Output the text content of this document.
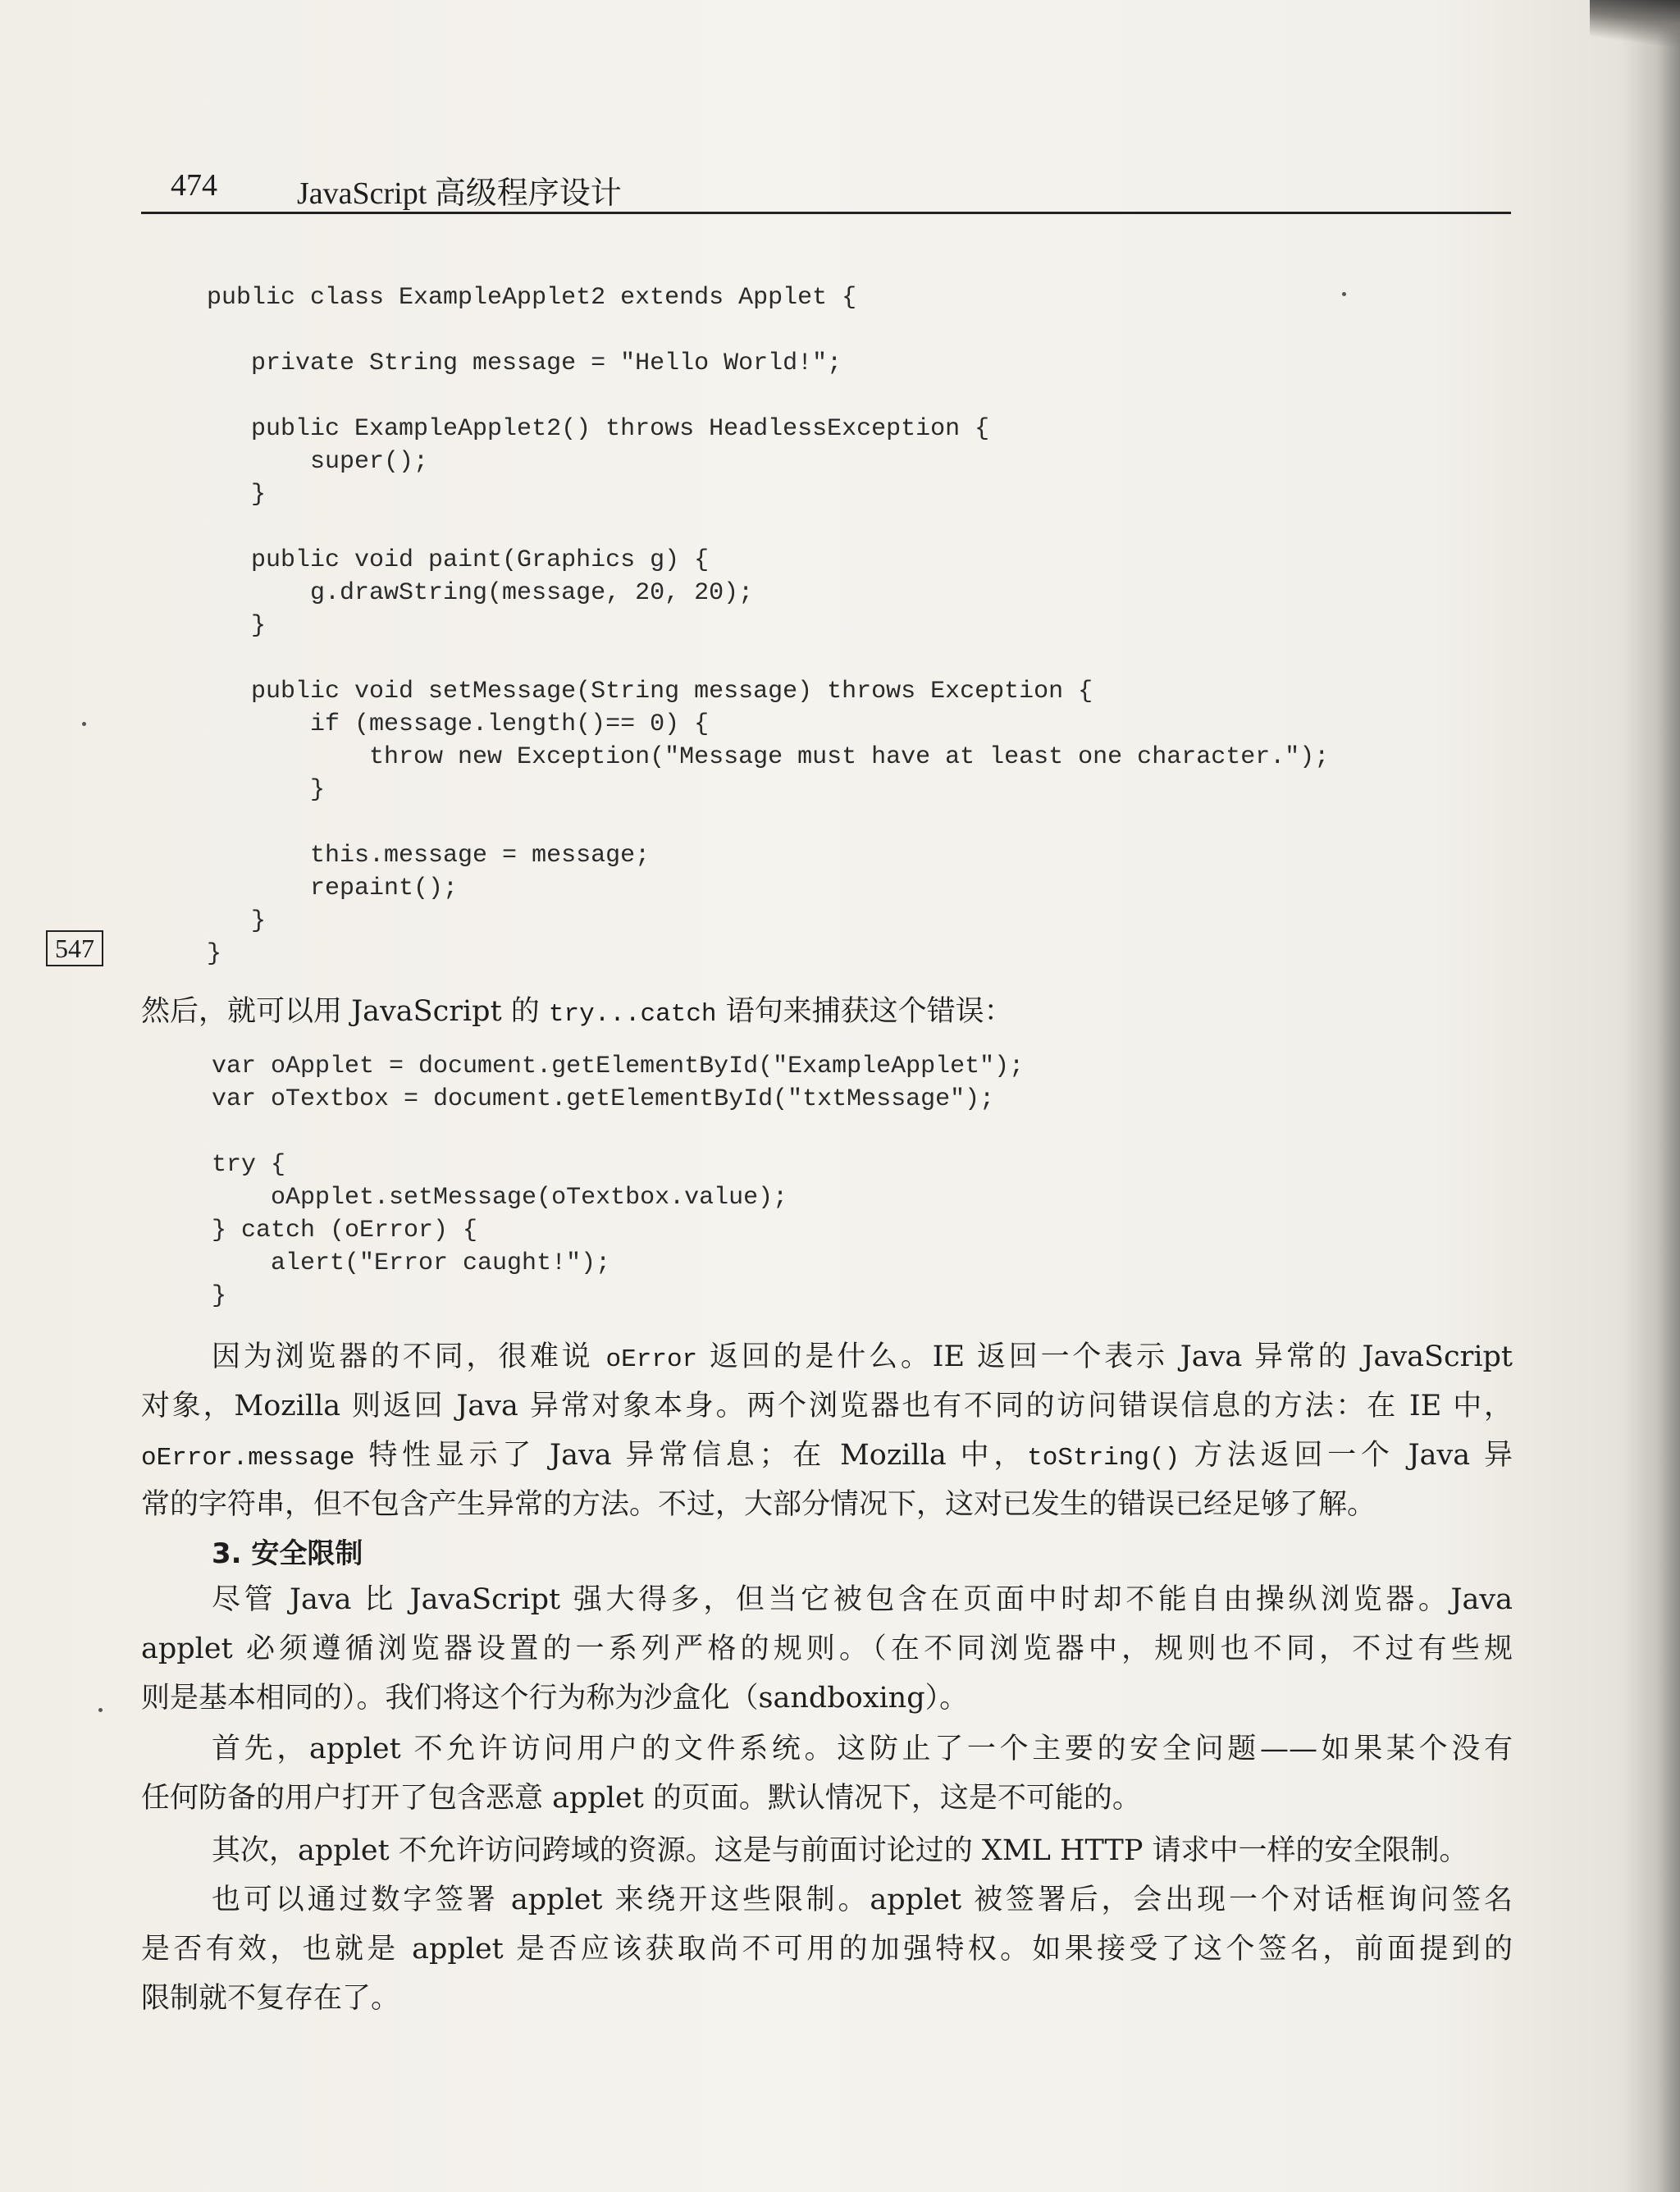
474	JavaScript 高级程序设计
public class ExampleApplet2 extends Applet {
private String message = "Hello World!";
public ExampleApplet2() throws HeadlessException {
super();
}
public void paint(Graphics g) {
g.drawString(message, 20, 20);
}
public void setMessage(String message) throws Exception {
if (message.length()== 0) {
throw new Exception("Message must have at least one character.");
}
this.message = message;
repaint();
}
}
547

然后，就可以用 JavaScript 的 try...catch 语句来捕获这个错误：

var oApplet = document.getElementById("ExampleApplet");
var oTextbox = document.getElementById("txtMessage");
try {
oApplet.setMessage(oTextbox.value);
} catch (oError) {
alert("Error caught!");
}
因为浏览器的不同，很难说 oError 返回的是什么。IE 返回一个表示 Java 异常的 JavaScript
对象，Mozilla 则返回 Java 异常对象本身。两个浏览器也有不同的访问错误信息的方法：在 IE 中，
oError.message 特性显示了 Java 异常信息；在 Mozilla 中，toString() 方法返回一个 Java 异
常的字符串，但不包含产生异常的方法。不过，大部分情况下，这对已发生的错误已经足够了解。
3. 安全限制
尽管 Java 比 JavaScript 强大得多，但当它被包含在页面中时却不能自由操纵浏览器。Java
applet 必须遵循浏览器设置的一系列严格的规则。（在不同浏览器中，规则也不同，不过有些规
则是基本相同的）。我们将这个行为称为沙盒化（sandboxing）。
首先，applet 不允许访问用户的文件系统。这防止了一个主要的安全问题——如果某个没有
任何防备的用户打开了包含恶意 applet 的页面。默认情况下，这是不可能的。
其次，applet 不允许访问跨域的资源。这是与前面讨论过的 XML HTTP 请求中一样的安全限制。
也可以通过数字签署 applet 来绕开这些限制。applet 被签署后，会出现一个对话框询问签名
是否有效，也就是 applet 是否应该获取尚不可用的加强特权。如果接受了这个签名，前面提到的
限制就不复存在了。
